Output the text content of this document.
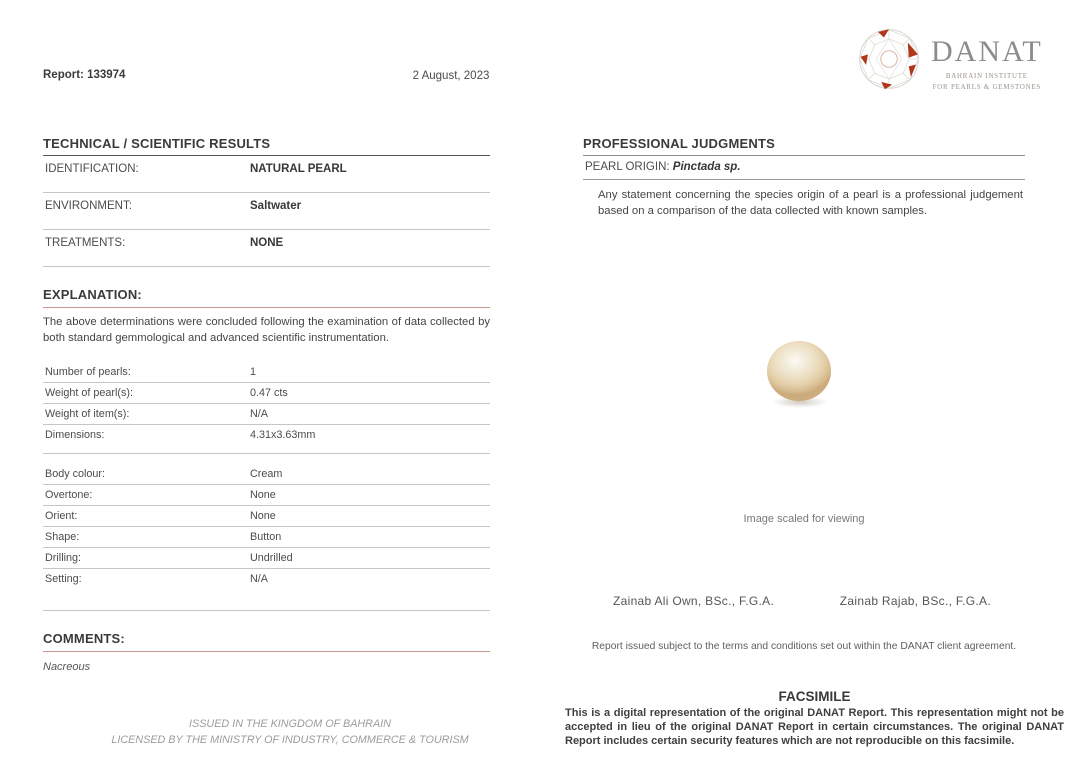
Report: 133974	2 August, 2023
DANAT
BAHRAIN INSTITUTE
FOR PEARLS & GEMSTONES
TECHNICAL / SCIENTIFIC RESULTS
IDENTIFICATION:	NATURAL PEARL
ENVIRONMENT:	Saltwater
TREATMENTS:	NONE
EXPLANATION:
The above determinations were concluded following the examination of data collected by both standard gemmological and advanced scientific instrumentation.
Number of pearls:	1
Weight of pearl(s):	0.47 cts
Weight of item(s):	N/A
Dimensions:	4.31x3.63mm
Body colour:	Cream
Overtone:	None
Orient:	None
Shape:	Button
Drilling:	Undrilled
Setting:	N/A
COMMENTS:
Nacreous
PROFESSIONAL JUDGMENTS
PEARL ORIGIN: Pinctada sp.
Any statement concerning the species origin of a pearl is a professional judgement based on a comparison of the data collected with known samples.
Image scaled for viewing
Zainab Ali Own, BSc., F.G.A.	Zainab Rajab, BSc., F.G.A.
Report issued subject to the terms and conditions set out within the DANAT client agreement.
FACSIMILE
This is a digital representation of the original DANAT Report. This representation might not be accepted in lieu of the original DANAT Report in certain circumstances. The original DANAT Report includes certain security features which are not reproducible on this facsimile.
ISSUED IN THE KINGDOM OF BAHRAIN
LICENSED BY THE MINISTRY OF INDUSTRY, COMMERCE & TOURISM
